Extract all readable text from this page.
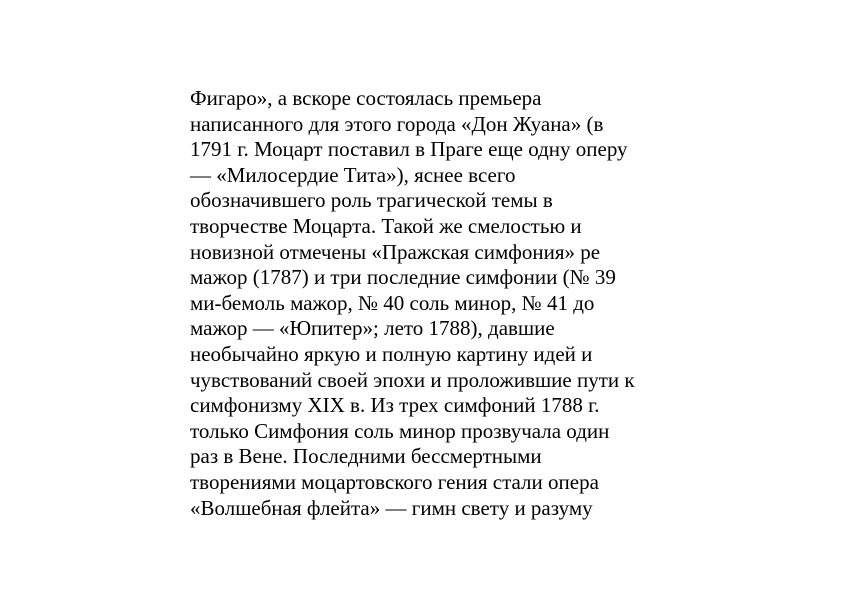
Фигаро», а вскоре состоялась премьера
написанного для этого города «Дон Жуана» (в
1791 г. Моцарт поставил в Праге еще одну оперу
— «Милосердие Тита»), яснее всего
обозначившего роль трагической темы в
творчестве Моцарта. Такой же смелостью и
новизной отмечены «Пражская симфония» ре
мажор (1787) и три последние симфонии (№ 39
ми-бемоль мажор, № 40 соль минор, № 41 до
мажор — «Юпитер»; лето 1788), давшие
необычайно яркую и полную картину идей и
чувствований своей эпохи и проложившие пути к
симфонизму XIX в. Из трех симфоний 1788 г.
только Симфония соль минор прозвучала один
раз в Вене. Последними бессмертными
творениями моцартовского гения стали опера
«Волшебная флейта» — гимн свету и разуму
